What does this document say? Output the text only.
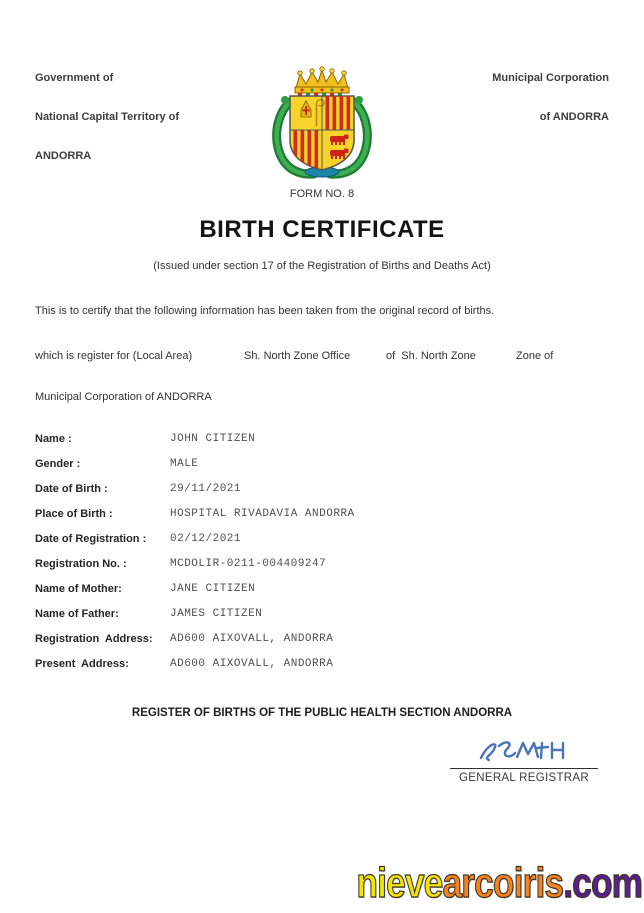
Government of

National Capital Territory of

ANDORRA

Municipal Corporation

of ANDORRA

FORM NO. 8
BIRTH CERTIFICATE
(Issued under section 17 of the Registration of Births and Deaths Act)
This is to certify that the following information has been taken from the original record of births.
which is register for (Local Area)	Sh. North Zone Office	of  Sh. North Zone	Zone of
Municipal Corporation of ANDORRA
Name :	JOHN CITIZEN
Gender :	MALE
Date of Birth :	29/11/2021
Place of Birth :	HOSPITAL RIVADAVIA ANDORRA
Date of Registration :	02/12/2021
Registration No. :	MCDOLIR-0211-004409247
Name of Mother:	JANE CITIZEN
Name of Father:	JAMES CITIZEN
Registration  Address:	AD600 AIXOVALL, ANDORRA
Present  Address:	AD600 AIXOVALL, ANDORRA
REGISTER OF BIRTHS OF THE PUBLIC HEALTH SECTION ANDORRA
GENERAL REGISTRAR
nievearcoiris.com
